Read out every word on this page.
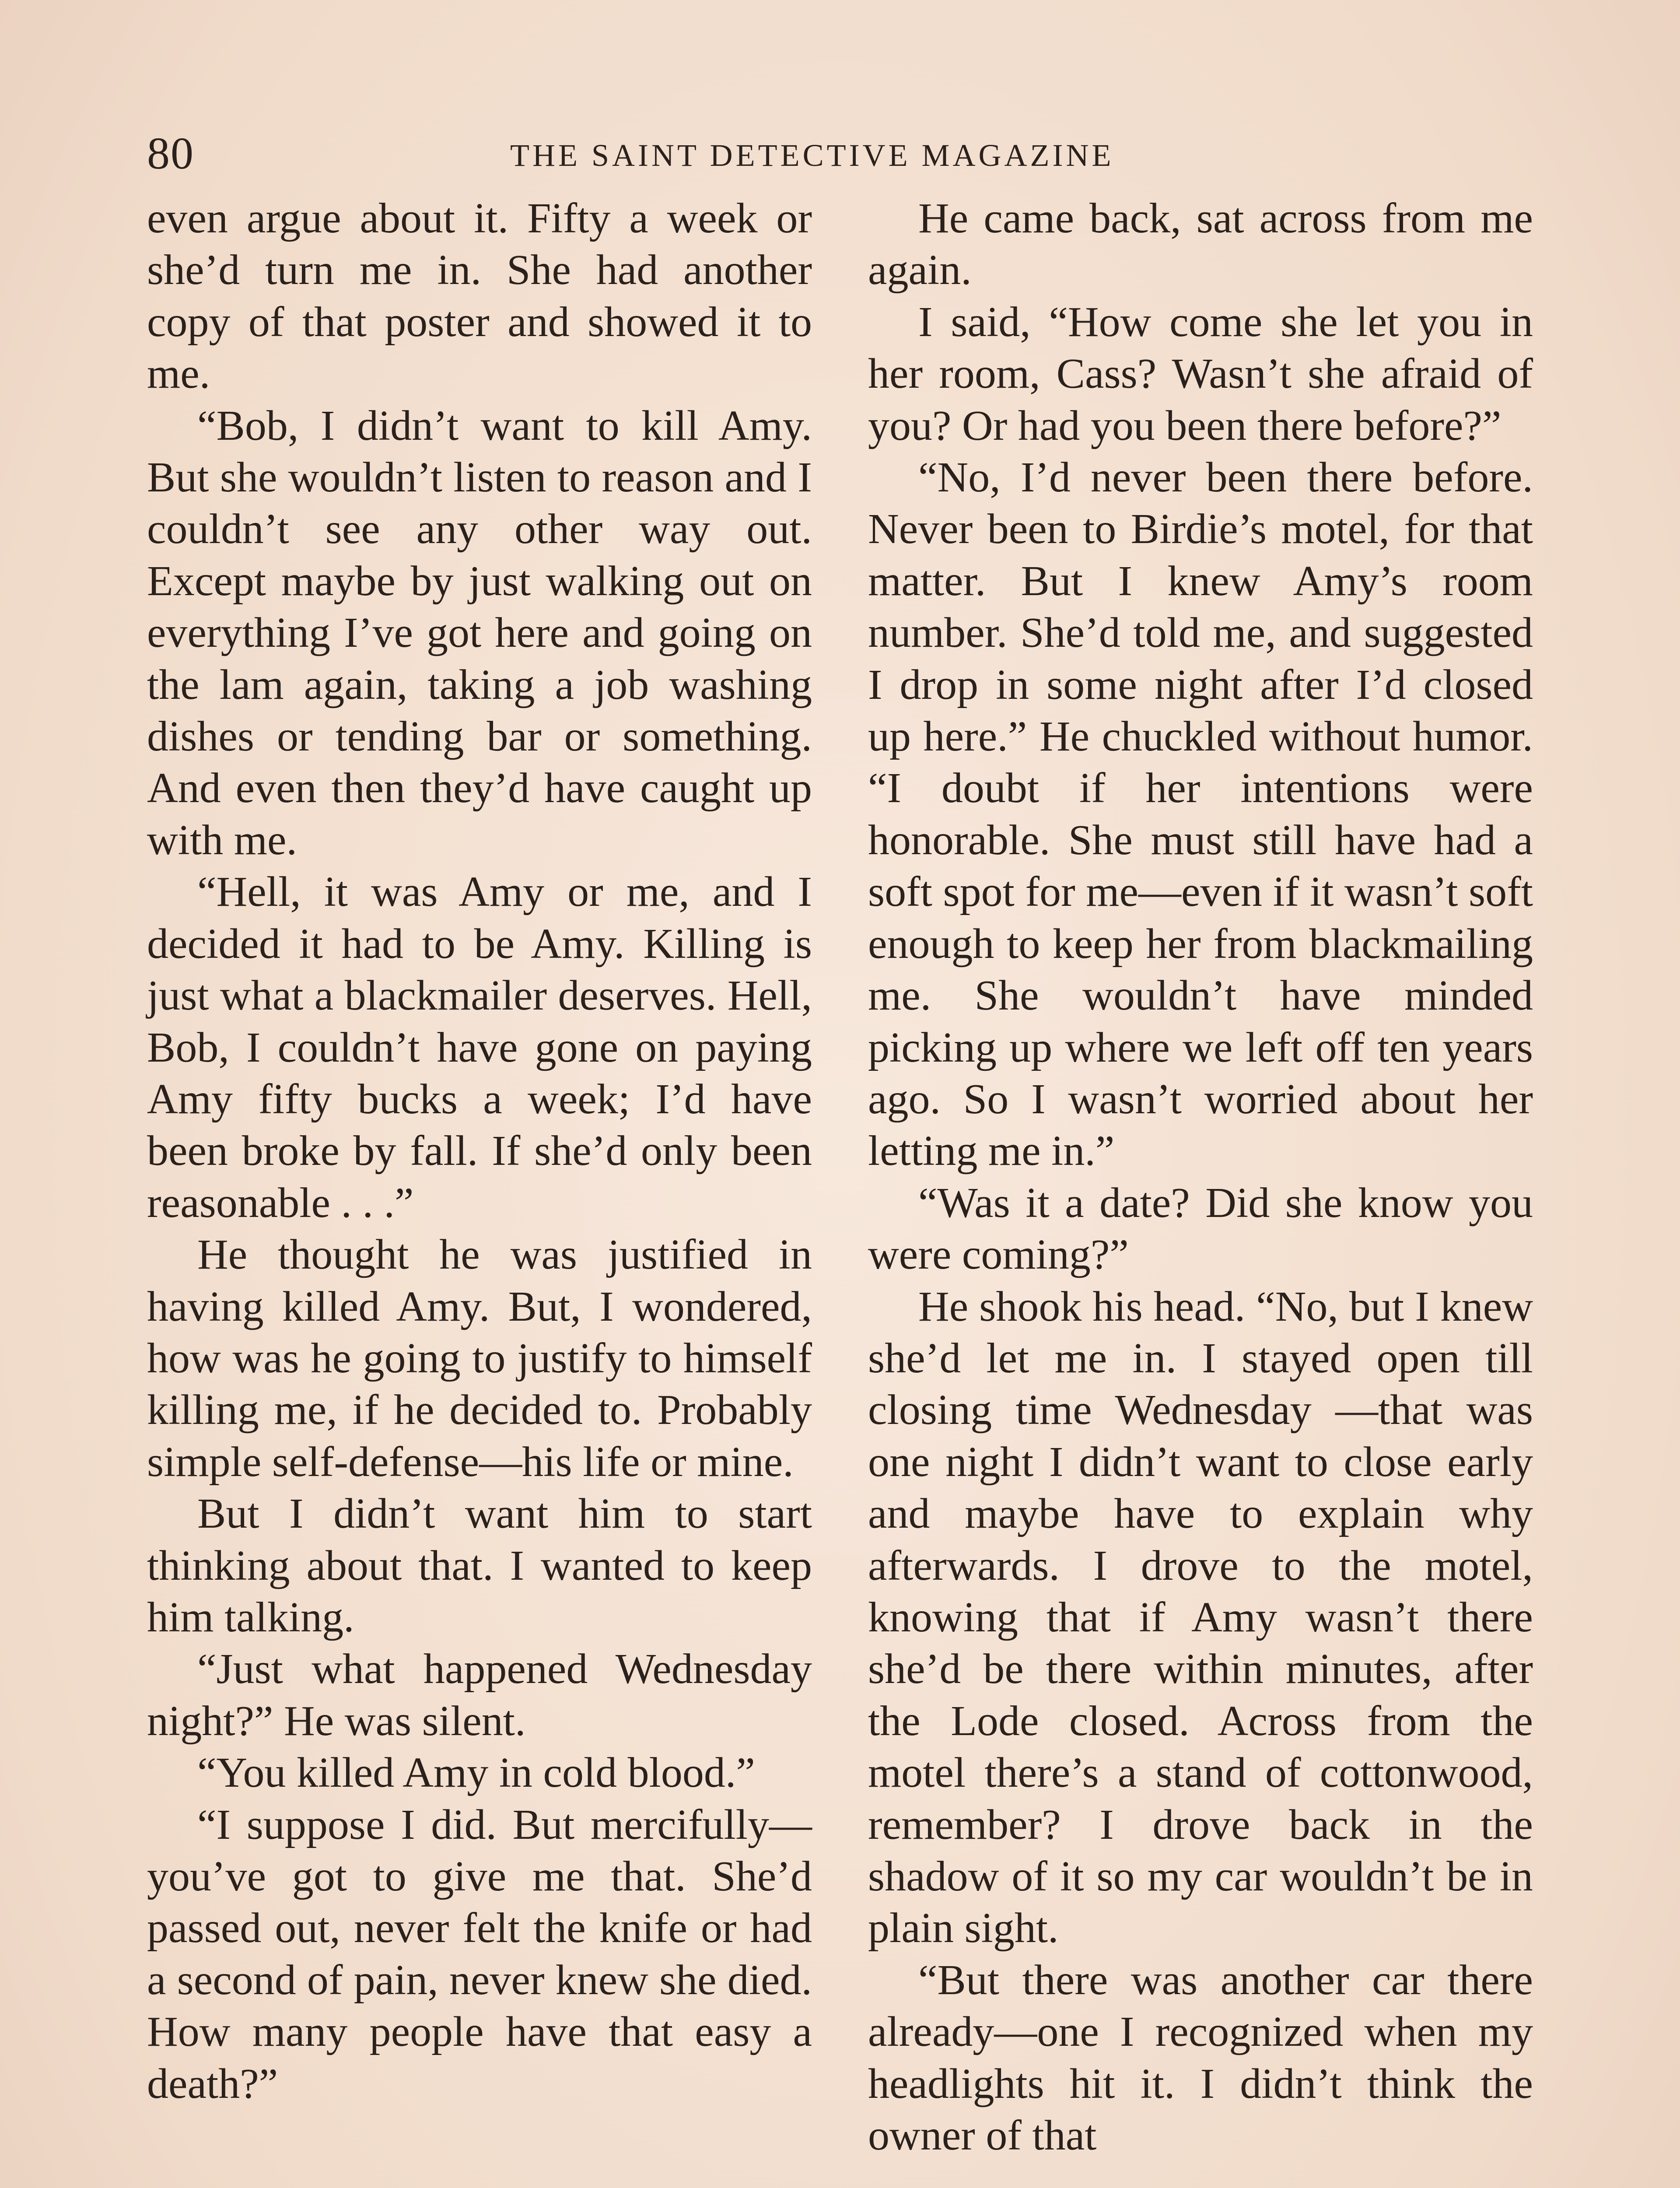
80	THE SAINT DETECTIVE MAGAZINE

even argue about it. Fifty a week or she’d turn me in. She had another copy of that poster and showed it to me.

“Bob, I didn’t want to kill Amy. But she wouldn’t listen to reason and I couldn’t see any other way out. Except maybe by just walking out on everything I’ve got here and going on the lam again, taking a job washing dishes or tending bar or something. And even then they’d have caught up with me.

“Hell, it was Amy or me, and I decided it had to be Amy. Killing is just what a blackmailer deserves. Hell, Bob, I couldn’t have gone on paying Amy fifty bucks a week; I’d have been broke by fall. If she’d only been reasonable . . .”

He thought he was justified in having killed Amy. But, I wondered, how was he going to justify to himself killing me, if he decided to. Probably simple self-defense—his life or mine.

But I didn’t want him to start thinking about that. I wanted to keep him talking.

“Just what happened Wednesday night?” He was silent.

“You killed Amy in cold blood.”

“I suppose I did. But mercifully—you’ve got to give me that. She’d passed out, never felt the knife or had a second of pain, never knew she died. How many people have that easy a death?”

He came back, sat across from me again.

I said, “How come she let you in her room, Cass? Wasn’t she afraid of you? Or had you been there before?”

“No, I’d never been there before. Never been to Birdie’s motel, for that matter. But I knew Amy’s room number. She’d told me, and suggested I drop in some night after I’d closed up here.” He chuckled without humor. “I doubt if her intentions were honorable. She must still have had a soft spot for me—even if it wasn’t soft enough to keep her from blackmailing me. She wouldn’t have minded picking up where we left off ten years ago. So I wasn’t worried about her letting me in.”

“Was it a date? Did she know you were coming?”

He shook his head. “No, but I knew she’d let me in. I stayed open till closing time Wednesday —that was one night I didn’t want to close early and maybe have to explain why afterwards. I drove to the motel, knowing that if Amy wasn’t there she’d be there within minutes, after the Lode closed. Across from the motel there’s a stand of cottonwood, remember? I drove back in the shadow of it so my car wouldn’t be in plain sight.

“But there was another car there already—one I recognized when my headlights hit it. I didn’t think the owner of that
